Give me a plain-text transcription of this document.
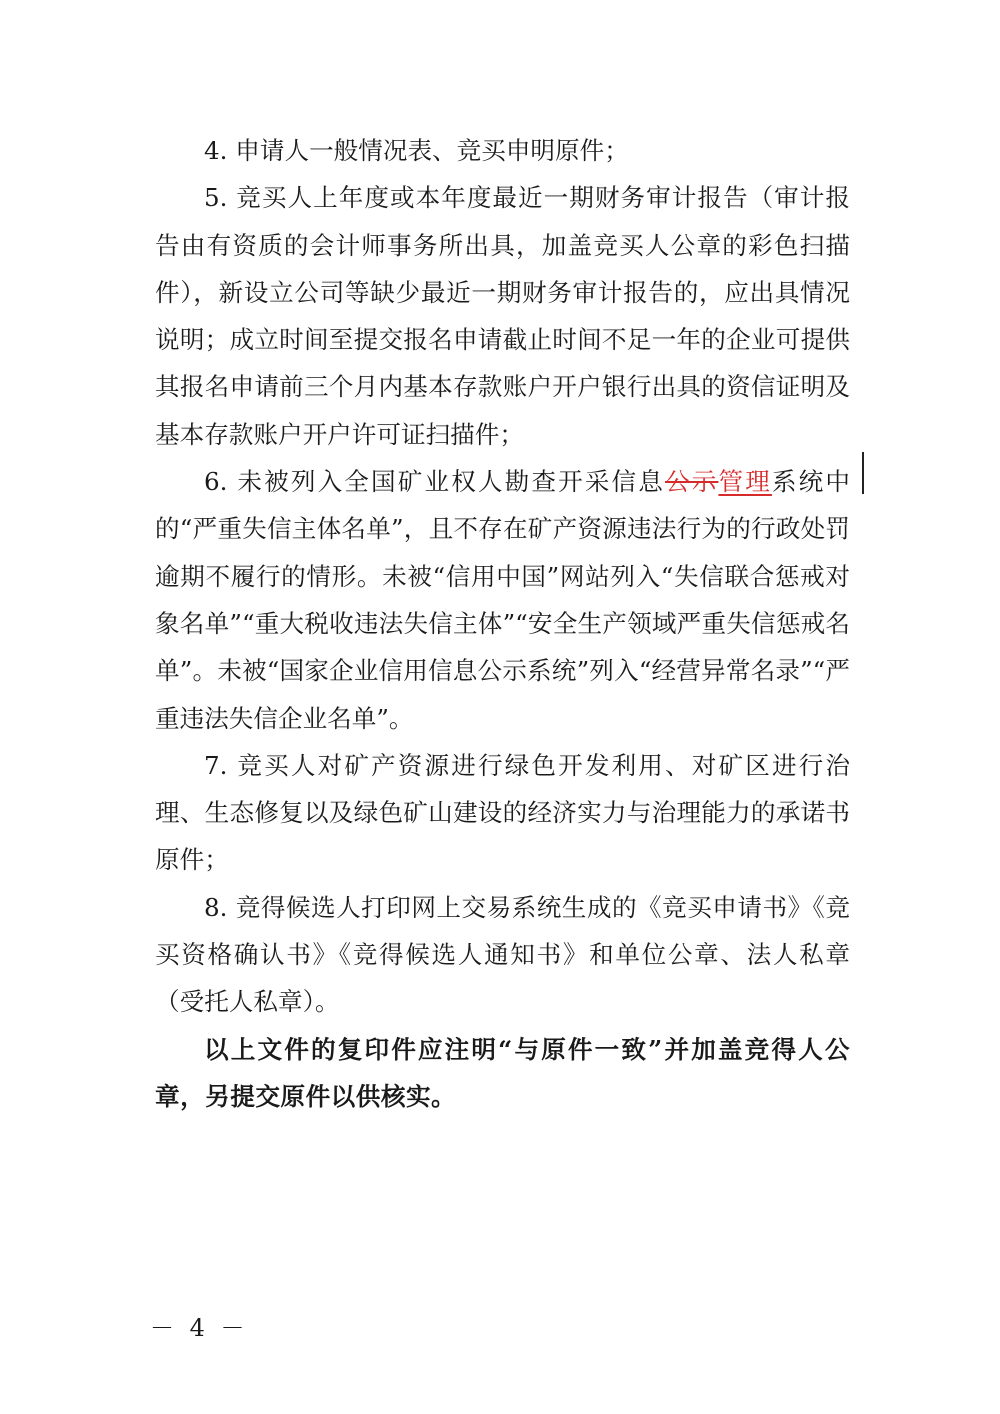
4. 申请人一般情况表、竞买申明原件；

5. 竞买人上年度或本年度最近一期财务审计报告（审计报告由有资质的会计师事务所出具，加盖竞买人公章的彩色扫描件），新设立公司等缺少最近一期财务审计报告的，应出具情况说明；成立时间至提交报名申请截止时间不足一年的企业可提供其报名申请前三个月内基本存款账户开户银行出具的资信证明及基本存款账户开户许可证扫描件；

6. 未被列入全国矿业权人勘查开采信息公示管理系统中的“严重失信主体名单”，且不存在矿产资源违法行为的行政处罚逾期不履行的情形。未被“信用中国”网站列入“失信联合惩戒对象名单”“重大税收违法失信主体”“安全生产领域严重失信惩戒名单”。未被“国家企业信用信息公示系统”列入“经营异常名录”“严重违法失信企业名单”。

7. 竞买人对矿产资源进行绿色开发利用、对矿区进行治理、生态修复以及绿色矿山建设的经济实力与治理能力的承诺书原件；

8. 竞得候选人打印网上交易系统生成的《竞买申请书》《竞买资格确认书》《竞得候选人通知书》和单位公章、法人私章（受托人私章）。

以上文件的复印件应注明“与原件一致”并加盖竞得人公章，另提交原件以供核实。

－ 4 －
